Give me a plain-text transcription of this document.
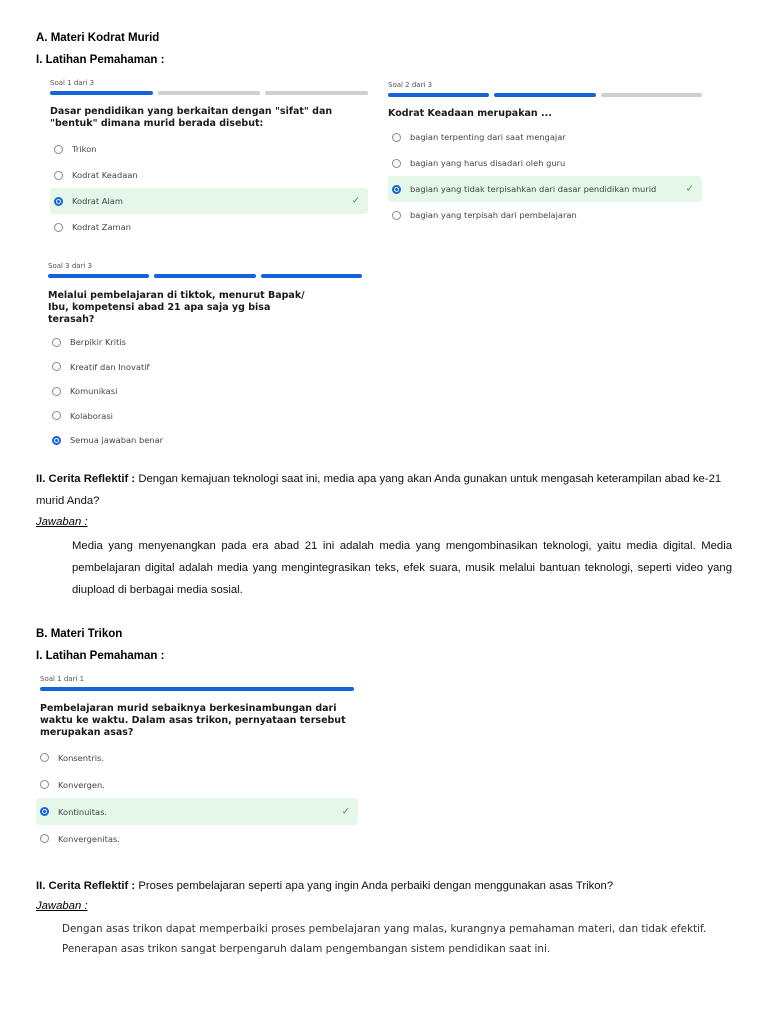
A. Materi Kodrat Murid
I. Latihan Pemahaman :
Soal 1 dari 3
Dasar pendidikan yang berkaitan dengan "sifat" dan "bentuk" dimana murid berada disebut:
Trikon
Kodrat Keadaan
Kodrat Alam	✓
Kodrat Zaman
Soal 2 dari 3
Kodrat Keadaan merupakan ...
bagian terpenting dari saat mengajar
bagian yang harus disadari oleh guru
bagian yang tidak terpisahkan dari dasar pendidikan murid	✓
bagian yang terpisah dari pembelajaran
Soal 3 dari 3
Melalui pembelajaran di tiktok, menurut Bapak/ Ibu, kompetensi abad 21 apa saja yg bisa terasah?
Berpikir Kritis
Kreatif dan Inovatif
Komunikasi
Kolaborasi
Semua jawaban benar
II. Cerita Reflektif : Dengan kemajuan teknologi saat ini, media apa yang akan Anda gunakan untuk mengasah keterampilan abad ke-21 murid Anda?
Jawaban :
Media yang menyenangkan pada era abad 21 ini adalah media yang mengombinasikan teknologi, yaitu media digital. Media pembelajaran digital adalah media yang mengintegrasikan teks, efek suara, musik melalui bantuan teknologi, seperti video yang diupload di berbagai media sosial.
B. Materi Trikon
I. Latihan Pemahaman :
Soal 1 dari 1
Pembelajaran murid sebaiknya berkesinambungan dari waktu ke waktu. Dalam asas trikon, pernyataan tersebut merupakan asas?
Konsentris.
Konvergen.
Kontinuitas.	✓
Konvergenitas.
II. Cerita Reflektif : Proses pembelajaran seperti apa yang ingin Anda perbaiki dengan menggunakan asas Trikon?
Jawaban :
Dengan asas trikon dapat memperbaiki proses pembelajaran yang malas, kurangnya pemahaman materi, dan tidak efektif. Penerapan asas trikon sangat berpengaruh dalam pengembangan sistem pendidikan saat ini.
